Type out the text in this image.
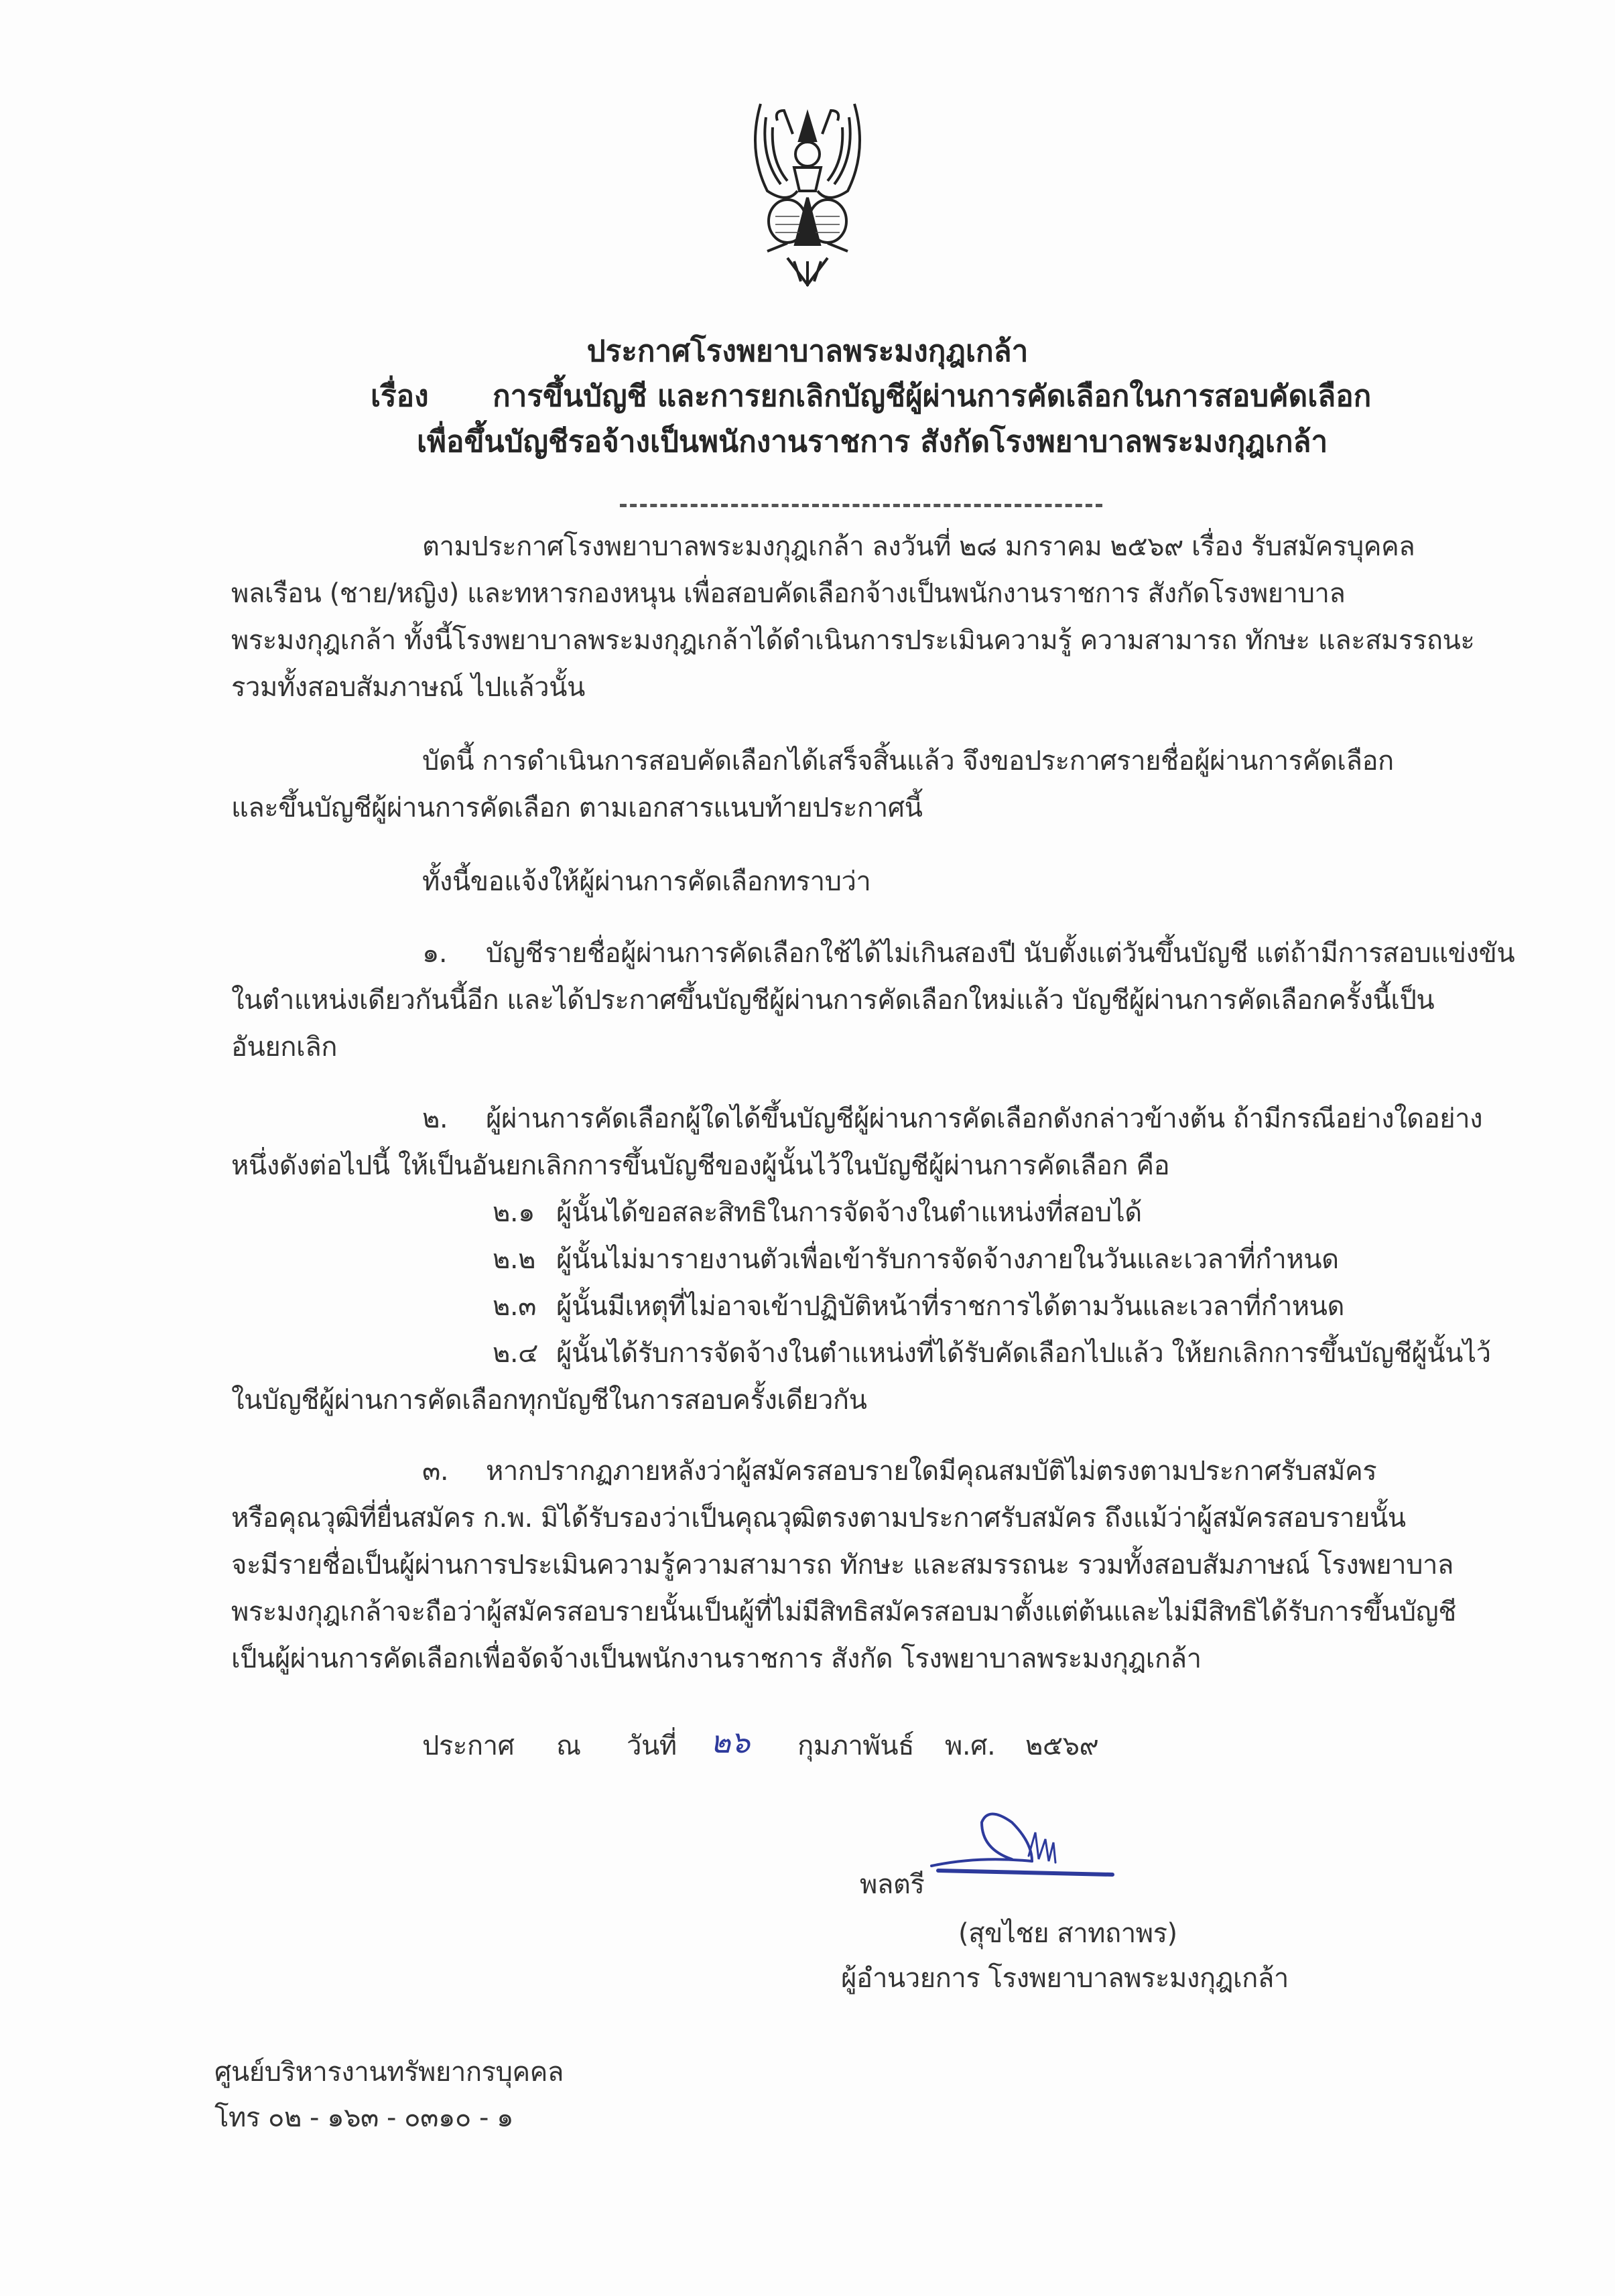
ประกาศโรงพยาบาลพระมงกุฎเกล้า
เรื่อง การขึ้นบัญชี และการยกเลิกบัญชีผู้ผ่านการคัดเลือกในการสอบคัดเลือก
เพื่อขึ้นบัญชีรอจ้างเป็นพนักงานราชการ สังกัดโรงพยาบาลพระมงกุฎเกล้า
ตามประกาศโรงพยาบาลพระมงกุฎเกล้า ลงวันที่ ๒๘ มกราคม ๒๕๖๙ เรื่อง รับสมัครบุคคล
พลเรือน (ชาย/หญิง) และทหารกองหนุน เพื่อสอบคัดเลือกจ้างเป็นพนักงานราชการ สังกัดโรงพยาบาล
พระมงกุฎเกล้า ทั้งนี้โรงพยาบาลพระมงกุฎเกล้าได้ดำเนินการประเมินความรู้ ความสามารถ ทักษะ และสมรรถนะ
รวมทั้งสอบสัมภาษณ์ ไปแล้วนั้น
บัดนี้ การดำเนินการสอบคัดเลือกได้เสร็จสิ้นแล้ว จึงขอประกาศรายชื่อผู้ผ่านการคัดเลือก
และขึ้นบัญชีผู้ผ่านการคัดเลือก ตามเอกสารแนบท้ายประกาศนี้
ทั้งนี้ขอแจ้งให้ผู้ผ่านการคัดเลือกทราบว่า
๑. บัญชีรายชื่อผู้ผ่านการคัดเลือกใช้ได้ไม่เกินสองปี นับตั้งแต่วันขึ้นบัญชี แต่ถ้ามีการสอบแข่งขัน
ในตำแหน่งเดียวกันนี้อีก และได้ประกาศขึ้นบัญชีผู้ผ่านการคัดเลือกใหม่แล้ว บัญชีผู้ผ่านการคัดเลือกครั้งนี้เป็น
อันยกเลิก
๒. ผู้ผ่านการคัดเลือกผู้ใดได้ขึ้นบัญชีผู้ผ่านการคัดเลือกดังกล่าวข้างต้น ถ้ามีกรณีอย่างใดอย่าง
หนึ่งดังต่อไปนี้ ให้เป็นอันยกเลิกการขึ้นบัญชีของผู้นั้นไว้ในบัญชีผู้ผ่านการคัดเลือก คือ
๒.๑ ผู้นั้นได้ขอสละสิทธิในการจัดจ้างในตำแหน่งที่สอบได้
๒.๒ ผู้นั้นไม่มารายงานตัวเพื่อเข้ารับการจัดจ้างภายในวันและเวลาที่กำหนด
๒.๓ ผู้นั้นมีเหตุที่ไม่อาจเข้าปฏิบัติหน้าที่ราชการได้ตามวันและเวลาที่กำหนด
๒.๔ ผู้นั้นได้รับการจัดจ้างในตำแหน่งที่ได้รับคัดเลือกไปแล้ว ให้ยกเลิกการขึ้นบัญชีผู้นั้นไว้
ในบัญชีผู้ผ่านการคัดเลือกทุกบัญชีในการสอบครั้งเดียวกัน
๓. หากปรากฏภายหลังว่าผู้สมัครสอบรายใดมีคุณสมบัติไม่ตรงตามประกาศรับสมัคร
หรือคุณวุฒิที่ยื่นสมัคร ก.พ. มิได้รับรองว่าเป็นคุณวุฒิตรงตามประกาศรับสมัคร ถึงแม้ว่าผู้สมัครสอบรายนั้น
จะมีรายชื่อเป็นผู้ผ่านการประเมินความรู้ความสามารถ ทักษะ และสมรรถนะ รวมทั้งสอบสัมภาษณ์ โรงพยาบาล
พระมงกุฎเกล้าจะถือว่าผู้สมัครสอบรายนั้นเป็นผู้ที่ไม่มีสิทธิสมัครสอบมาตั้งแต่ต้นและไม่มีสิทธิได้รับการขึ้นบัญชี
เป็นผู้ผ่านการคัดเลือกเพื่อจัดจ้างเป็นพนักงานราชการ สังกัด โรงพยาบาลพระมงกุฎเกล้า
ประกาศ ณ วันที่ ๒๖ กุมภาพันธ์ พ.ศ. ๒๕๖๙
พลตรี
(สุขไชย สาทถาพร)
ผู้อำนวยการ โรงพยาบาลพระมงกุฎเกล้า
ศูนย์บริหารงานทรัพยากรบุคคล
โทร ๐๒ - ๑๖๓ - ๐๓๑๐ - ๑
